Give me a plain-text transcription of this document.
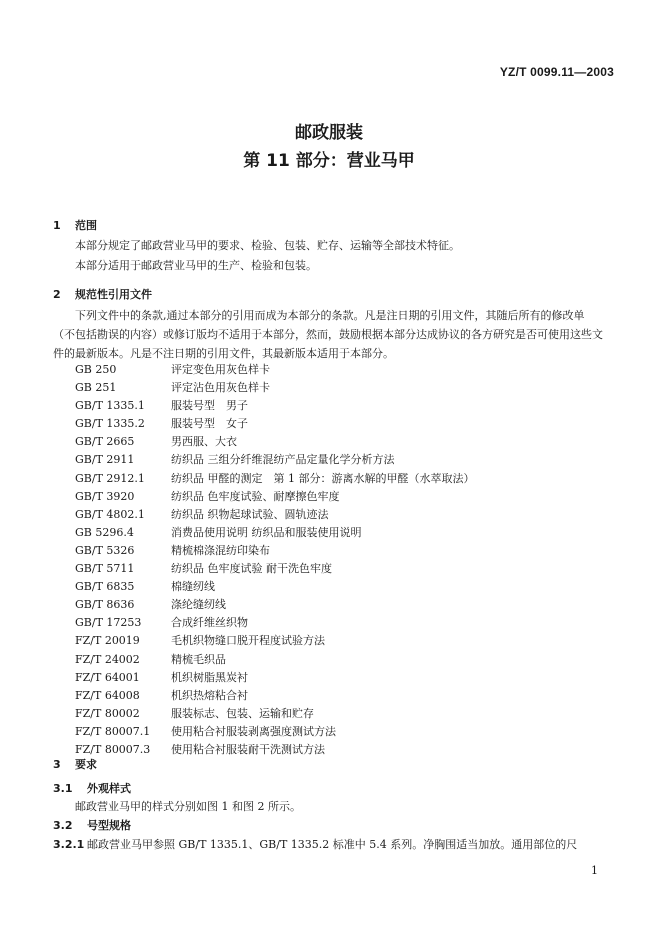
YZ/T 0099.11—2003
邮政服装
第 11 部分：营业马甲
1 范围
本部分规定了邮政营业马甲的要求、检验、包装、贮存、运输等全部技术特征。
本部分适用于邮政营业马甲的生产、检验和包装。
2 规范性引用文件
下列文件中的条款,通过本部分的引用而成为本部分的条款。凡是注日期的引用文件，其随后所有的修改单（不包括勘误的内容）或修订版均不适用于本部分，然而，鼓励根据本部分达成协议的各方研究是否可使用这些文件的最新版本。凡是不注日期的引用文件，其最新版本适用于本部分。
GB 250	评定变色用灰色样卡
GB 251	评定沾色用灰色样卡
GB/T 1335.1 服装号型　男子
GB/T 1335.2 服装号型　女子
GB/T 2665	男西服、大衣
GB/T 2911	纺织品 三组分纤维混纺产品定量化学分析方法
GB/T 2912.1 纺织品 甲醛的测定　第 1 部分：游离水解的甲醛（水萃取法）
GB/T 3920	纺织品 色牢度试验、耐摩擦色牢度
GB/T 4802.1 纺织品 织物起球试验、圆轨迹法
GB 5296.4	消费品使用说明 纺织品和服装使用说明
GB/T 5326	精梳棉涤混纺印染布
GB/T 5711	纺织品 色牢度试验 耐干洗色牢度
GB/T 6835	棉缝纫线
GB/T 8636	涤纶缝纫线
GB/T 17253	合成纤维丝织物
FZ/T 20019	毛机织物缝口脱开程度试验方法
FZ/T 24002	精梳毛织品
FZ/T 64001	机织树脂黑炭衬
FZ/T 64008	机织热熔粘合衬
FZ/T 80002	服装标志、包装、运输和贮存
FZ/T 80007.1 使用粘合衬服装剥离强度测试方法
FZ/T 80007.3 使用粘合衬服装耐干洗测试方法
3 要求
3.1 外观样式
邮政营业马甲的样式分别如图 1 和图 2 所示。
3.2 号型规格
3.2.1 邮政营业马甲参照 GB/T 1335.1、GB/T 1335.2 标准中 5.4 系列。净胸围适当加放。通用部位的尺
1
